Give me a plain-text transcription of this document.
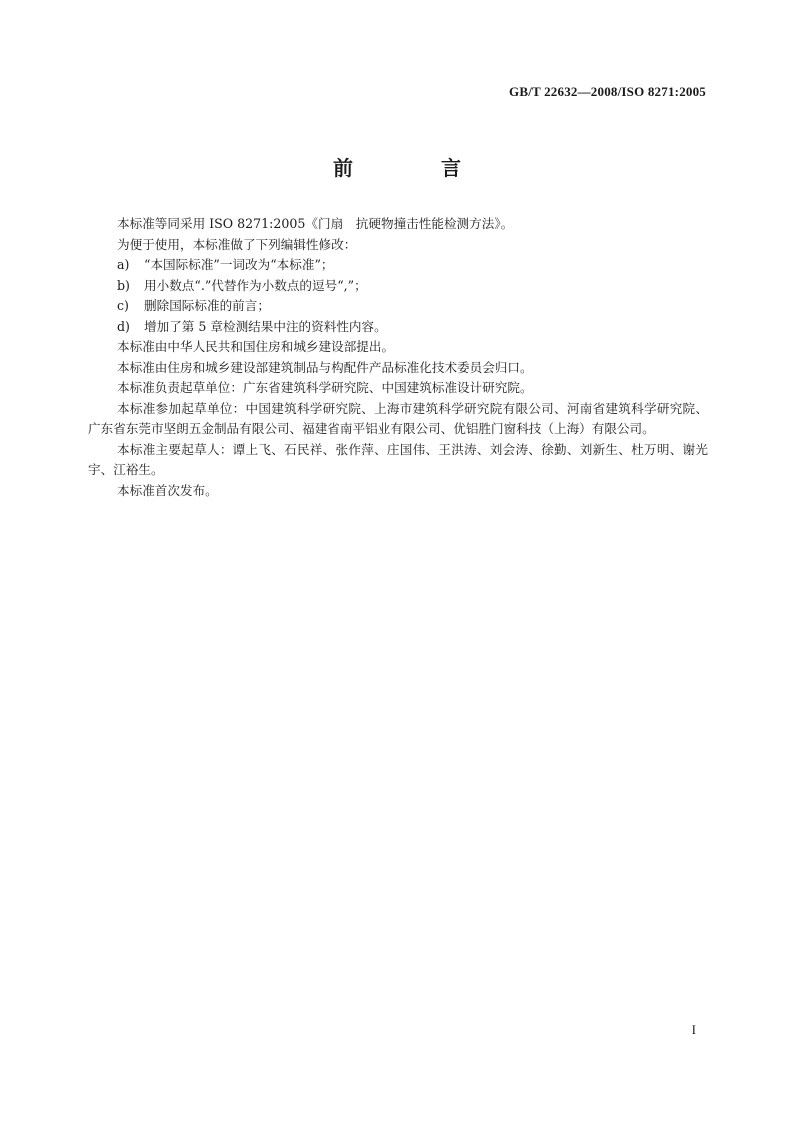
GB/T 22632—2008/ISO 8271:2005
前　言

本标准等同采用 ISO 8271:2005《门扇　抗硬物撞击性能检测方法》。

为便于使用，本标准做了下列编辑性修改：

a) “本国际标准”一词改为“本标准”；

b) 用小数点“.”代替作为小数点的逗号“,”；

c) 删除国际标准的前言；

d) 增加了第 5 章检测结果中注的资料性内容。

本标准由中华人民共和国住房和城乡建设部提出。

本标准由住房和城乡建设部建筑制品与构配件产品标准化技术委员会归口。

本标准负责起草单位：广东省建筑科学研究院、中国建筑标准设计研究院。

本标准参加起草单位：中国建筑科学研究院、上海市建筑科学研究院有限公司、河南省建筑科学研究院、广东省东莞市坚朗五金制品有限公司、福建省南平铝业有限公司、优铝胜门窗科技（上海）有限公司。

本标准主要起草人：谭上飞、石民祥、张作萍、庄国伟、王洪涛、刘会涛、徐勤、刘新生、杜万明、谢光宇、江裕生。

本标准首次发布。

I
